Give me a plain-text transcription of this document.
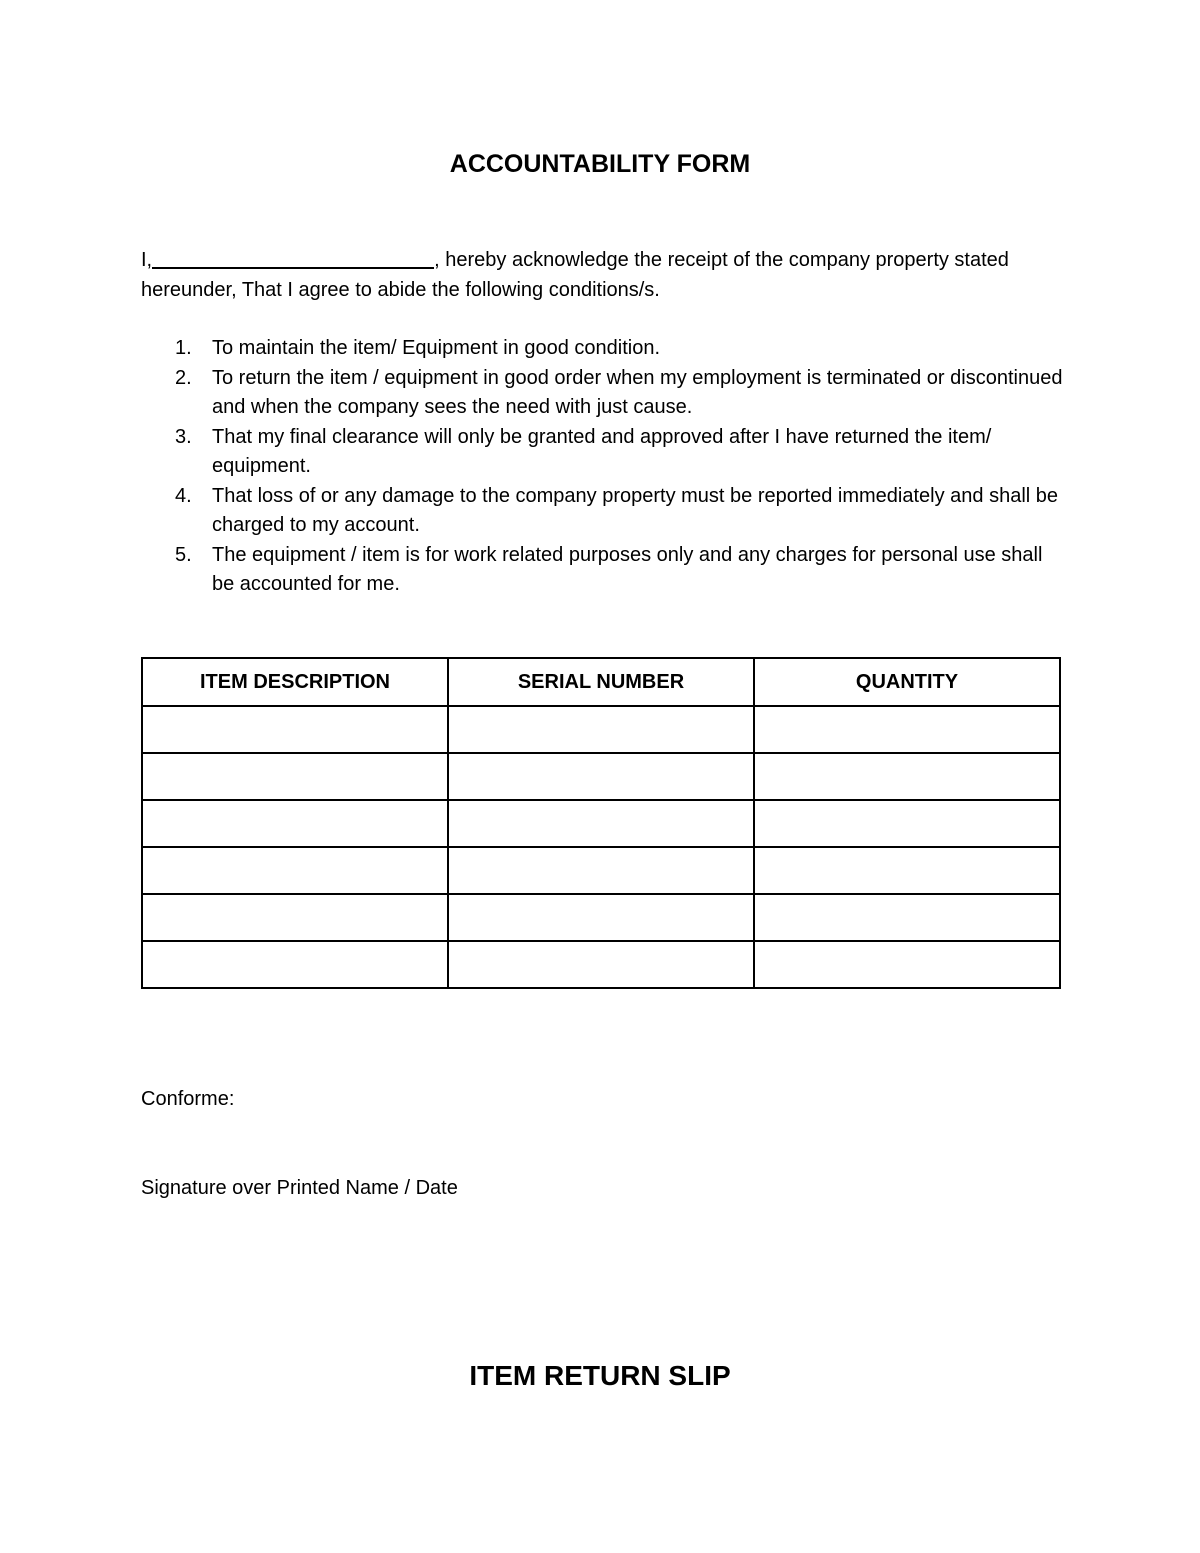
ACCOUNTABILITY FORM

I,	, hereby acknowledge the receipt of the company property stated hereunder, That I agree to abide the following conditions/s.

1. To maintain the item/ Equipment in good condition.
2. To return the item / equipment in good order when my employment is terminated or discontinued and when the company sees the need with just cause.
3. That my final clearance will only be granted and approved after I have returned the item/ equipment.
4. That loss of or any damage to the company property must be reported immediately and shall be charged to my account.
5. The equipment / item is for work related purposes only and any charges for personal use shall be accounted for me.
ITEM DESCRIPTION	SERIAL NUMBER	QUANTITY

Conforme:

Signature over Printed Name / Date

ITEM RETURN SLIP
